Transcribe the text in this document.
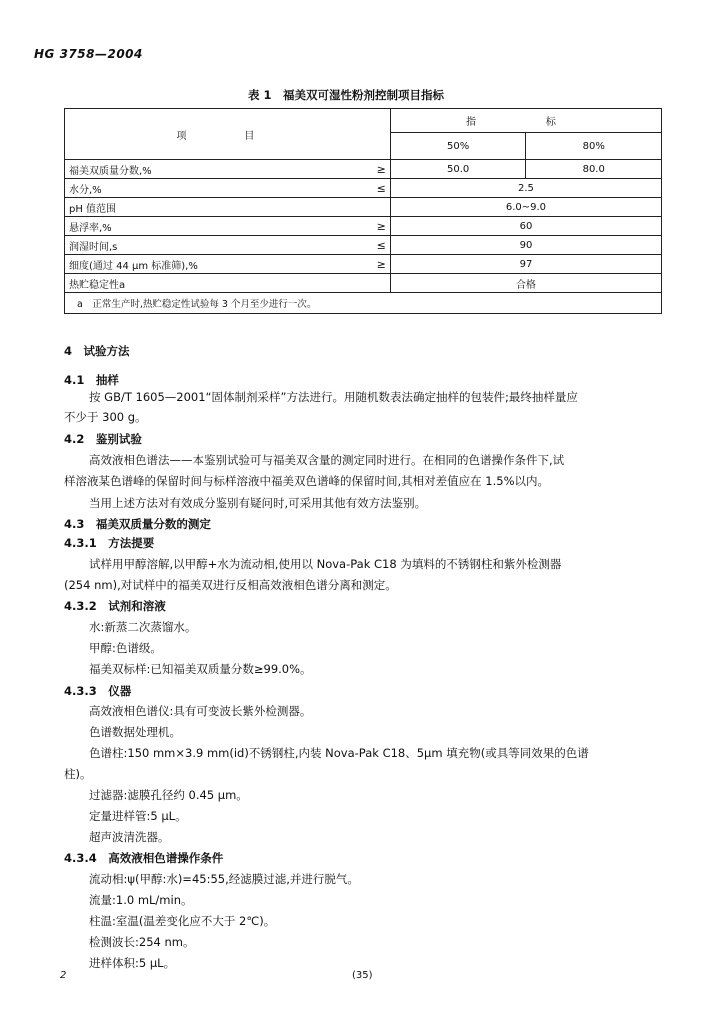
HG 3758—2004
表 1　福美双可湿性粉剂控制项目指标
项　目		指　标	
		50%	80%
福美双质量分数,%	≥	50.0	80.0
水分,%	≤	2.5	
pH 值范围		6.0~9.0	
悬浮率,%	≥	60	
润湿时间,s	≤	90	
细度(通过 44 μm 标准筛),%	≥	97	
热贮稳定性a		合格	
a　正常生产时,热贮稳定性试验每 3 个月至少进行一次。			
4　试验方法
4.1　抽样
按 GB/T 1605—2001“固体制剂采样”方法进行。用随机数表法确定抽样的包装件;最终抽样量应
不少于 300 g。
4.2　鉴别试验
高效液相色谱法——本鉴别试验可与福美双含量的测定同时进行。在相同的色谱操作条件下,试
样溶液某色谱峰的保留时间与标样溶液中福美双色谱峰的保留时间,其相对差值应在 1.5%以内。
当用上述方法对有效成分鉴别有疑问时,可采用其他有效方法鉴别。
4.3　福美双质量分数的测定
4.3.1　方法提要
试样用甲醇溶解,以甲醇+水为流动相,使用以 Nova-Pak C18 为填料的不锈钢柱和紫外检测器
(254 nm),对试样中的福美双进行反相高效液相色谱分离和测定。
4.3.2　试剂和溶液
水:新蒸二次蒸馏水。
甲醇:色谱级。
福美双标样:已知福美双质量分数≥99.0%。
4.3.3　仪器
高效液相色谱仪:具有可变波长紫外检测器。
色谱数据处理机。
色谱柱:150 mm×3.9 mm(id)不锈钢柱,内装 Nova-Pak C18、5μm 填充物(或具等同效果的色谱
柱)。
过滤器:滤膜孔径约 0.45 μm。
定量进样管:5 μL。
超声波清洗器。
4.3.4　高效液相色谱操作条件
流动相:ψ(甲醇:水)=45:55,经滤膜过滤,并进行脱气。
流量:1.0 mL/min。
柱温:室温(温差变化应不大于 2℃)。
检测波长:254 nm。
进样体积:5 μL。
2	(35)
